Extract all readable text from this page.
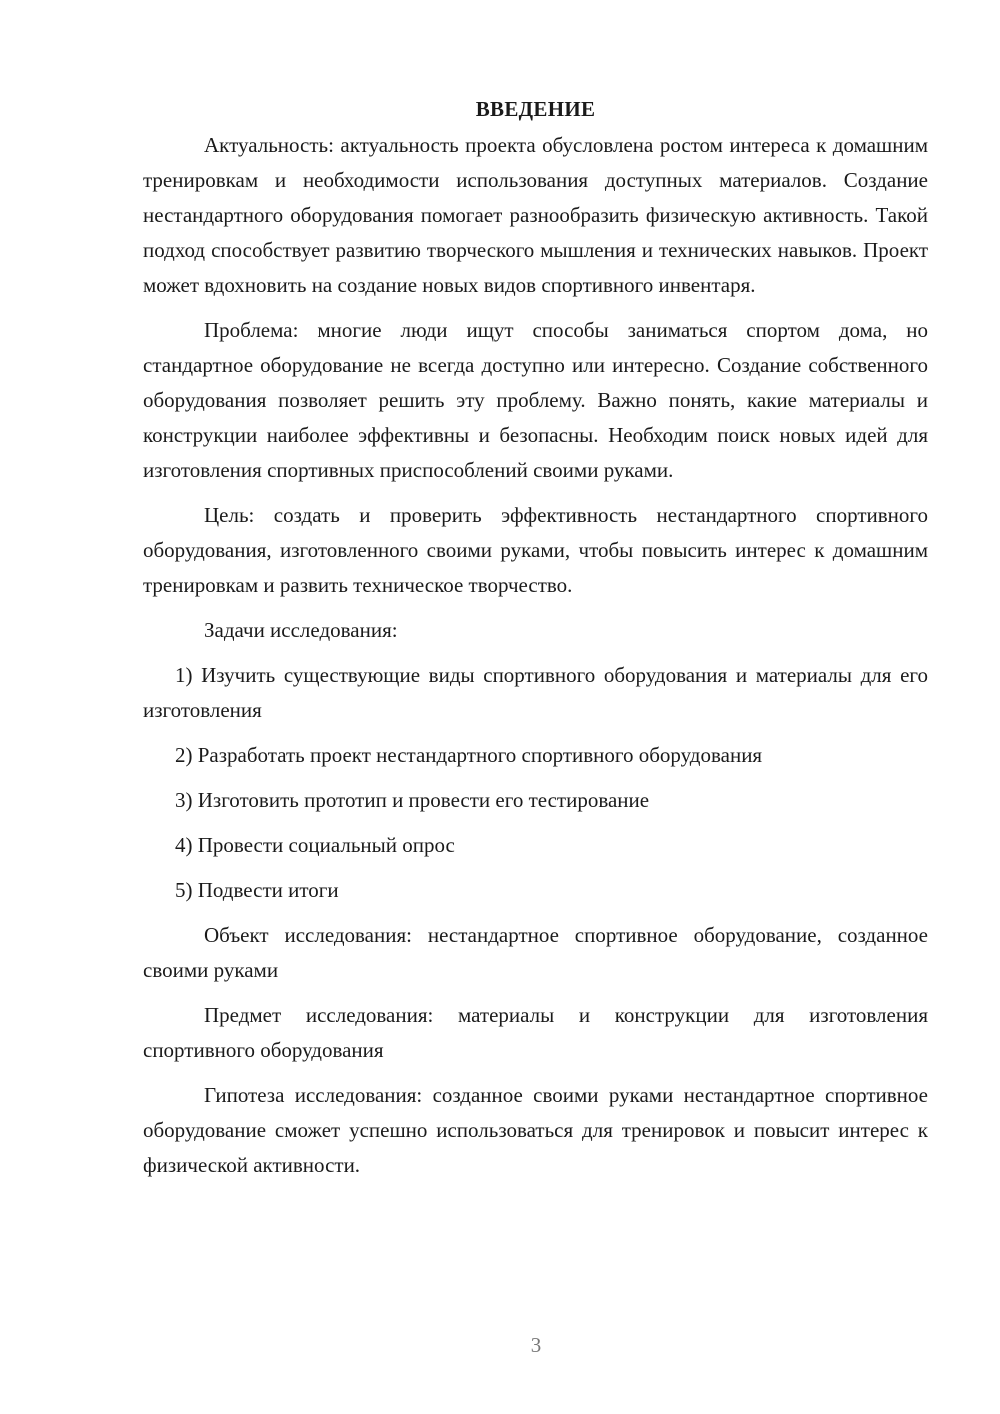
ВВЕДЕНИЕ

Актуальность: актуальность проекта обусловлена ростом интереса к домашним тренировкам и необходимости использования доступных материалов. Создание нестандартного оборудования помогает разнообразить физическую активность. Такой подход способствует развитию творческого мышления и технических навыков. Проект может вдохновить на создание новых видов спортивного инвентаря.

Проблема: многие люди ищут способы заниматься спортом дома, но стандартное оборудование не всегда доступно или интересно. Создание собственного оборудования позволяет решить эту проблему. Важно понять, какие материалы и конструкции наиболее эффективны и безопасны. Необходим поиск новых идей для изготовления спортивных приспособлений своими руками.

Цель: создать и проверить эффективность нестандартного спортивного оборудования, изготовленного своими руками, чтобы повысить интерес к домашним тренировкам и развить техническое творчество.

Задачи исследования:

1) Изучить существующие виды спортивного оборудования и материалы для его изготовления

2) Разработать проект нестандартного спортивного оборудования

3) Изготовить прототип и провести его тестирование

4) Провести социальный опрос

5) Подвести итоги

Объект исследования: нестандартное спортивное оборудование, созданное своими руками

Предмет исследования: материалы и конструкции для изготовления спортивного оборудования

Гипотеза исследования: созданное своими руками нестандартное спортивное оборудование сможет успешно использоваться для тренировок и повысит интерес к физической активности.

3
